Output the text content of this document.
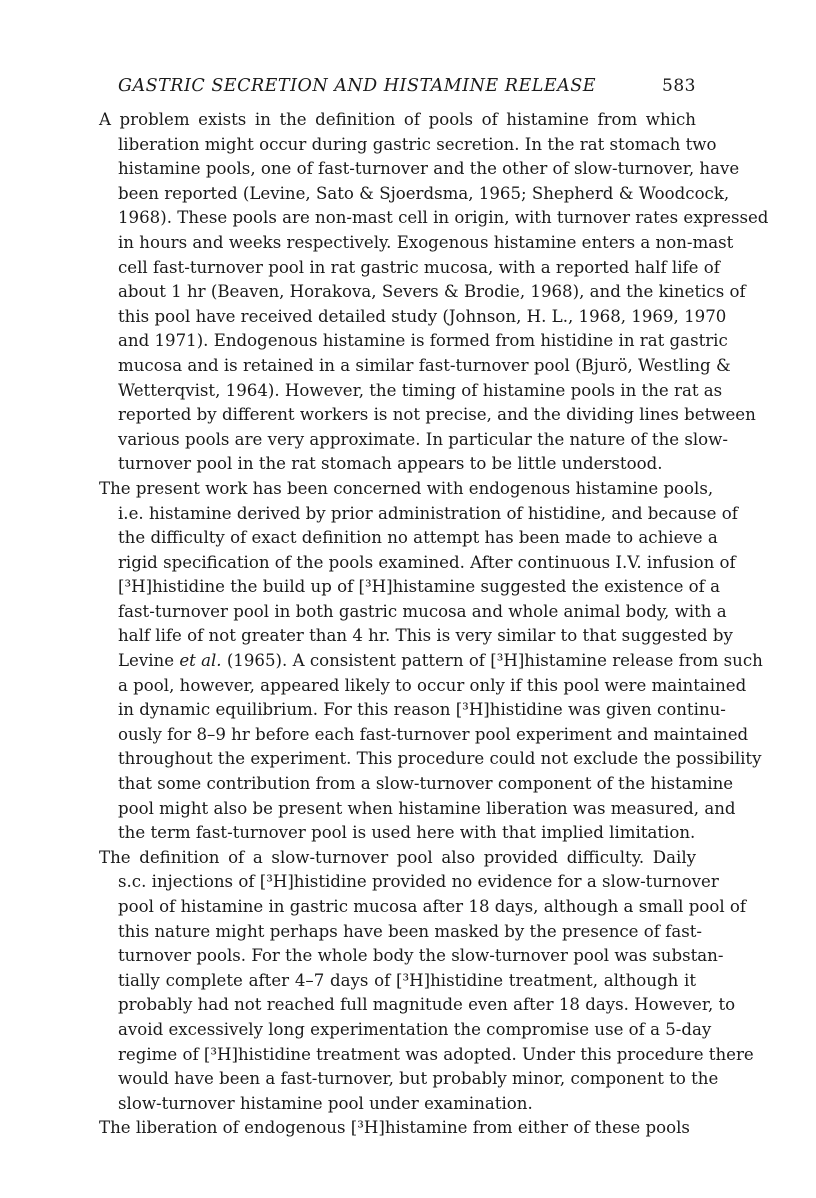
GASTRIC SECRETION AND HISTAMINE RELEASE	583
A problem exists in the definition of pools of histamine from which
liberation might occur during gastric secretion. In the rat stomach two
histamine pools, one of fast-turnover and the other of slow-turnover, have
been reported (Levine, Sato & Sjoerdsma, 1965; Shepherd & Woodcock,
1968). These pools are non-mast cell in origin, with turnover rates expressed
in hours and weeks respectively. Exogenous histamine enters a non-mast
cell fast-turnover pool in rat gastric mucosa, with a reported half life of
about 1 hr (Beaven, Horakova, Severs & Brodie, 1968), and the kinetics of
this pool have received detailed study (Johnson, H. L., 1968, 1969, 1970
and 1971). Endogenous histamine is formed from histidine in rat gastric
mucosa and is retained in a similar fast-turnover pool (Bjurö, Westling &
Wetterqvist, 1964). However, the timing of histamine pools in the rat as
reported by different workers is not precise, and the dividing lines between
various pools are very approximate. In particular the nature of the slow-
turnover pool in the rat stomach appears to be little understood.
The present work has been concerned with endogenous histamine pools,
i.e. histamine derived by prior administration of histidine, and because of
the difficulty of exact definition no attempt has been made to achieve a
rigid specification of the pools examined. After continuous I.V. infusion of
[³H]histidine the build up of [³H]histamine suggested the existence of a
fast-turnover pool in both gastric mucosa and whole animal body, with a
half life of not greater than 4 hr. This is very similar to that suggested by
Levine et al. (1965). A consistent pattern of [³H]histamine release from such
a pool, however, appeared likely to occur only if this pool were maintained
in dynamic equilibrium. For this reason [³H]histidine was given continu-
ously for 8–9 hr before each fast-turnover pool experiment and maintained
throughout the experiment. This procedure could not exclude the possibility
that some contribution from a slow-turnover component of the histamine
pool might also be present when histamine liberation was measured, and
the term fast-turnover pool is used here with that implied limitation.
The definition of a slow-turnover pool also provided difficulty. Daily
s.c. injections of [³H]histidine provided no evidence for a slow-turnover
pool of histamine in gastric mucosa after 18 days, although a small pool of
this nature might perhaps have been masked by the presence of fast-
turnover pools. For the whole body the slow-turnover pool was substan-
tially complete after 4–7 days of [³H]histidine treatment, although it
probably had not reached full magnitude even after 18 days. However, to
avoid excessively long experimentation the compromise use of a 5-day
regime of [³H]histidine treatment was adopted. Under this procedure there
would have been a fast-turnover, but probably minor, component to the
slow-turnover histamine pool under examination.
The liberation of endogenous [³H]histamine from either of these pools
